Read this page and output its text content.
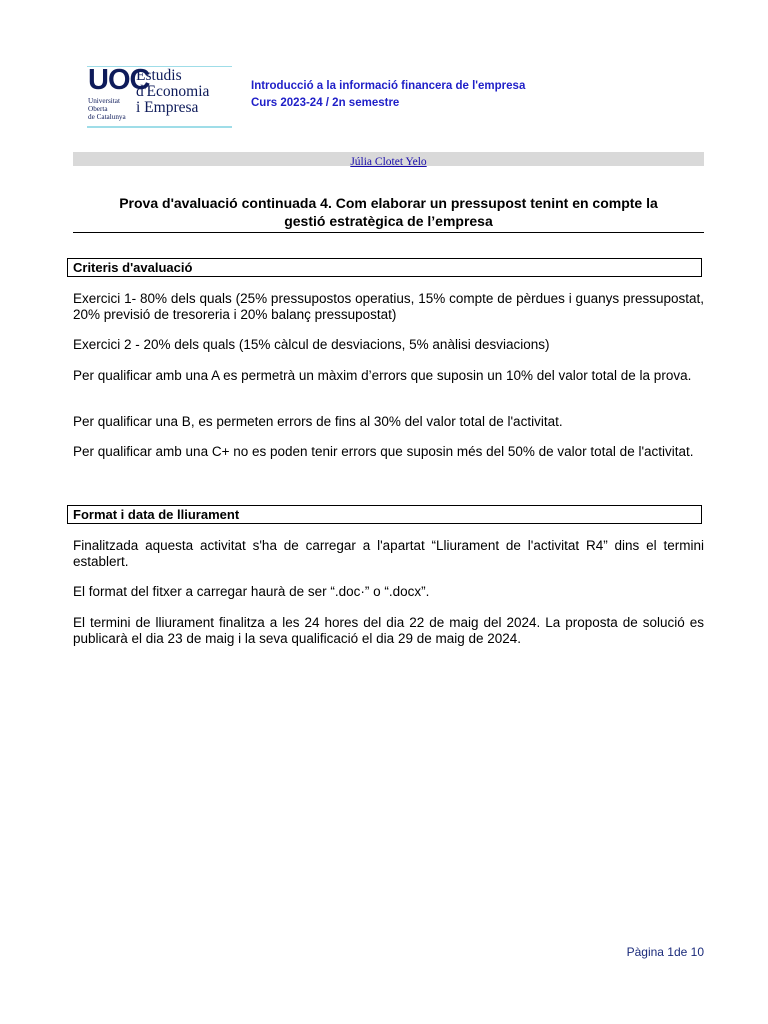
UOC
Universitat
Oberta
de Catalunya
Estudis
d'Economia
i Empresa
Introducció a la informació financera de l'empresa
Curs 2023-24 / 2n semestre
Júlia Clotet Yelo
Prova d'avaluació continuada 4. Com elaborar un pressupost tenint en compte la
gestió estratègica de l’empresa
Criteris d'avaluació
Exercici 1- 80% dels quals (25% pressupostos operatius, 15% compte de pèrdues i guanys pressupostat, 20% previsió de tresoreria i 20% balanç pressupostat)
Exercici 2 - 20% dels quals (15% càlcul de desviacions, 5% anàlisi desviacions)
Per qualificar amb una A es permetrà un màxim d’errors que suposin un 10% del valor total de la prova.
Per qualificar una B, es permeten errors de fins al 30% del valor total de l'activitat.
Per qualificar amb una C+ no es poden tenir errors que suposin més del 50% de valor total de l'activitat.
Format i data de lliurament
Finalitzada aquesta activitat s'ha de carregar a l'apartat “Lliurament de l'activitat R4” dins el termini establert.
El format del fitxer a carregar haurà de ser “.doc·” o “.docx”.
El termini de lliurament finalitza a les 24 hores del dia 22 de maig del 2024. La proposta de solució es publicarà el dia 23 de maig i la seva qualificació el dia 29 de maig de 2024.
Pàgina 1de 10
